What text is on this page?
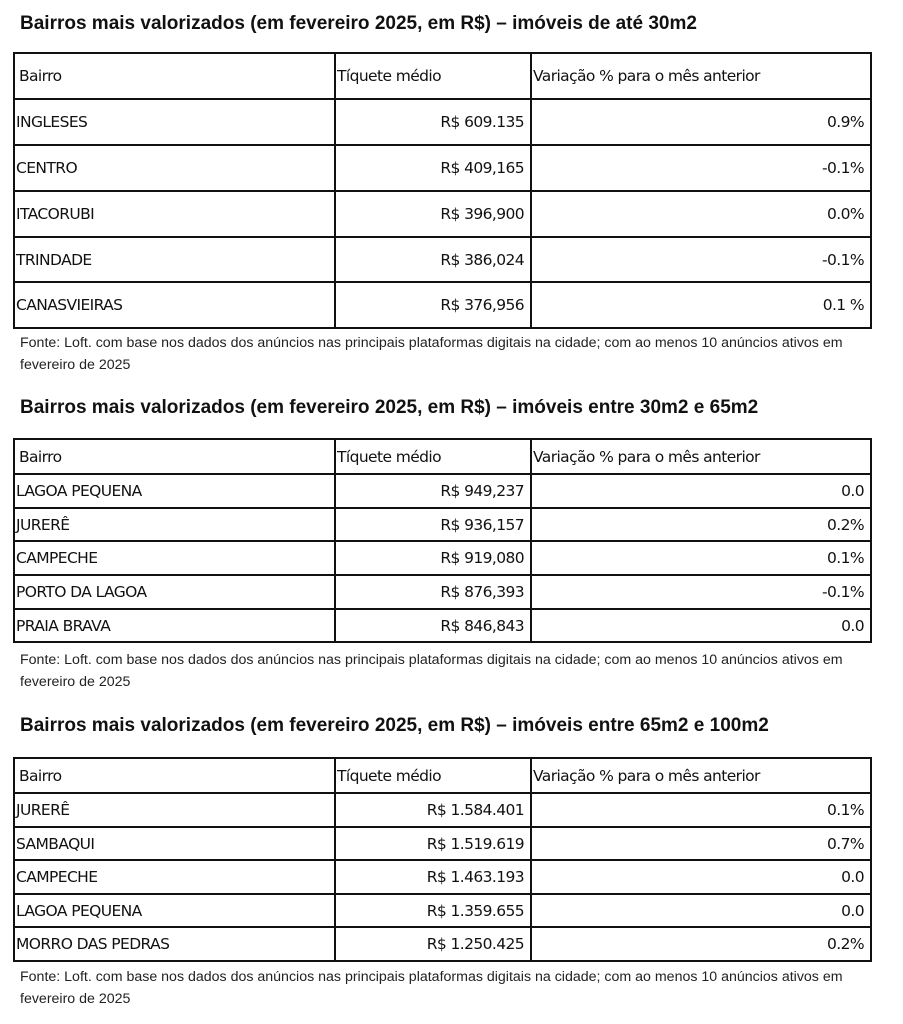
Bairros mais valorizados (em fevereiro 2025, em R$) – imóveis de até 30m2
Bairro	Tíquete médio	Variação % para o mês anterior
INGLESES	R$ 609.135	0.9%
CENTRO	R$ 409,165	-0.1%
ITACORUBI	R$ 396,900	0.0%
TRINDADE	R$ 386,024	-0.1%
CANASVIEIRAS	R$ 376,956	0.1 %
Fonte: Loft. com base nos dados dos anúncios nas principais plataformas digitais na cidade; com ao menos 10 anúncios ativos em fevereiro de 2025
Bairros mais valorizados (em fevereiro 2025, em R$) – imóveis entre 30m2 e 65m2
Bairro	Tíquete médio	Variação % para o mês anterior
LAGOA PEQUENA	R$ 949,237	0.0
JURERÊ	R$ 936,157	0.2%
CAMPECHE	R$ 919,080	0.1%
PORTO DA LAGOA	R$ 876,393	-0.1%
PRAIA BRAVA	R$ 846,843	0.0
Fonte: Loft. com base nos dados dos anúncios nas principais plataformas digitais na cidade; com ao menos 10 anúncios ativos em fevereiro de 2025
Bairros mais valorizados (em fevereiro 2025, em R$) – imóveis entre 65m2 e 100m2
Bairro	Tíquete médio	Variação % para o mês anterior
JURERÊ	R$ 1.584.401	0.1%
SAMBAQUI	R$ 1.519.619	0.7%
CAMPECHE	R$ 1.463.193	0.0
LAGOA PEQUENA	R$ 1.359.655	0.0
MORRO DAS PEDRAS	R$ 1.250.425	0.2%
Fonte: Loft. com base nos dados dos anúncios nas principais plataformas digitais na cidade; com ao menos 10 anúncios ativos em fevereiro de 2025
